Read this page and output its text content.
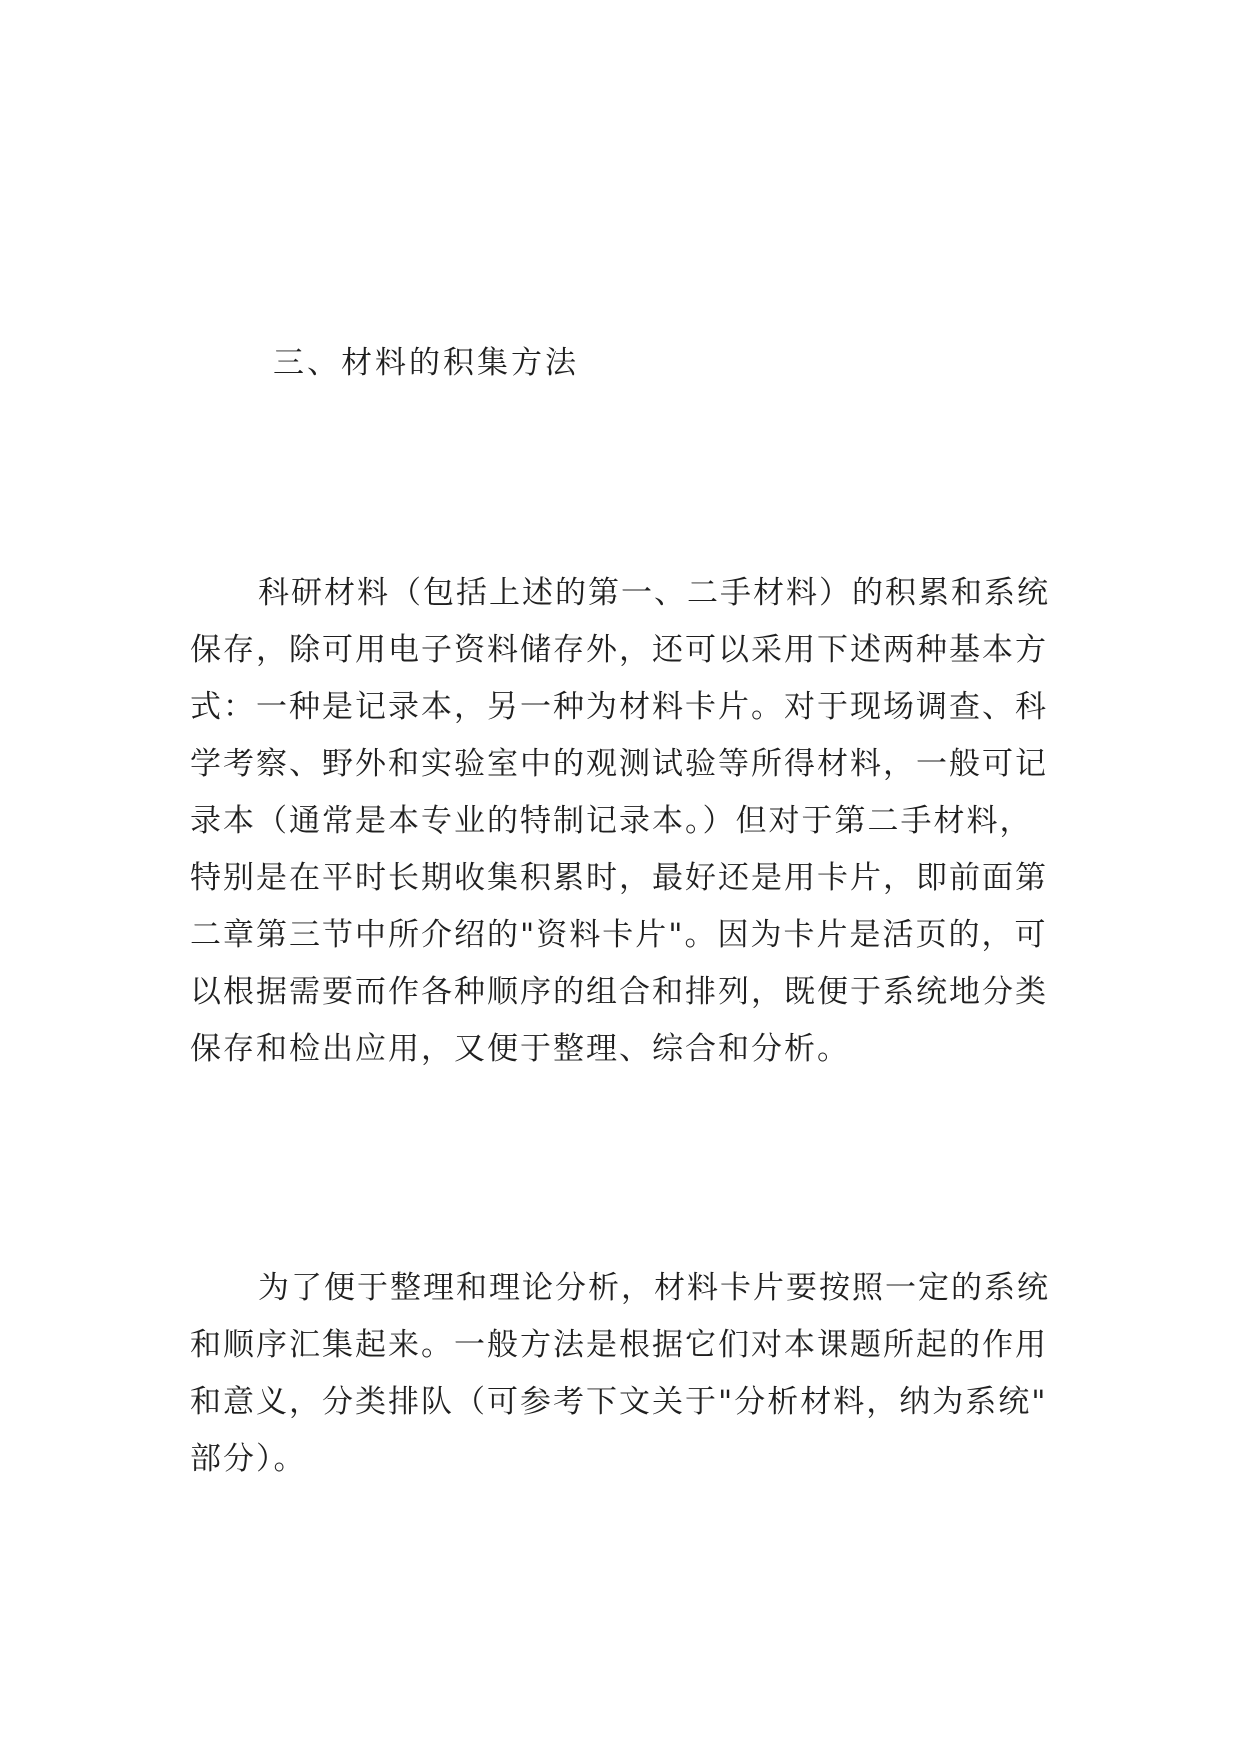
三、材料的积集方法
科研材料（包括上述的第一、二手材料）的积累和系统
保存，除可用电子资料储存外，还可以采用下述两种基本方
式：一种是记录本，另一种为材料卡片。对于现场调查、科
学考察、野外和实验室中的观测试验等所得材料，一般可记
录本（通常是本专业的特制记录本。）但对于第二手材料，
特别是在平时长期收集积累时，最好还是用卡片，即前面第
二章第三节中所介绍的"资料卡片"。因为卡片是活页的，可
以根据需要而作各种顺序的组合和排列，既便于系统地分类
保存和检出应用，又便于整理、综合和分析。
为了便于整理和理论分析，材料卡片要按照一定的系统
和顺序汇集起来。一般方法是根据它们对本课题所起的作用
和意义，分类排队（可参考下文关于"分析材料，纳为系统"
部分）。
